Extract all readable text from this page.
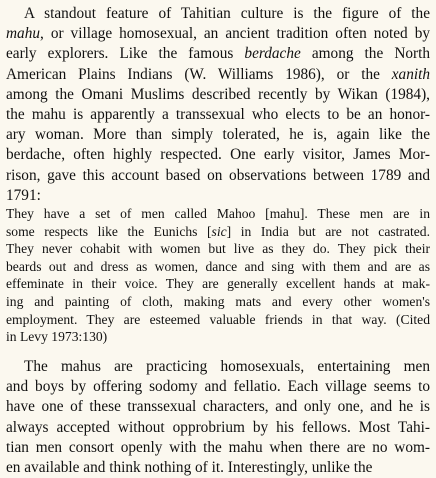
A standout feature of Tahitian culture is the figure of the
mahu, or village homosexual, an ancient tradition often noted by
early explorers. Like the famous berdache among the North
American Plains Indians (W. Williams 1986), or the xanith
among the Omani Muslims described recently by Wikan (1984),
the mahu is apparently a transsexual who elects to be an honor-
ary woman. More than simply tolerated, he is, again like the
berdache, often highly respected. One early visitor, James Mor-
rison, gave this account based on observations between 1789 and
1791:
They have a set of men called Mahoo [mahu]. These men are in
some respects like the Eunichs [sic] in India but are not castrated.
They never cohabit with women but live as they do. They pick their
beards out and dress as women, dance and sing with them and are as
effeminate in their voice. They are generally excellent hands at mak-
ing and painting of cloth, making mats and every other women's
employment. They are esteemed valuable friends in that way. (Cited
in Levy 1973:130)
The mahus are practicing homosexuals, entertaining men
and boys by offering sodomy and fellatio. Each village seems to
have one of these transsexual characters, and only one, and he is
always accepted without opprobrium by his fellows. Most Tahi-
tian men consort openly with the mahu when there are no wom-
en available and think nothing of it. Interestingly, unlike the
